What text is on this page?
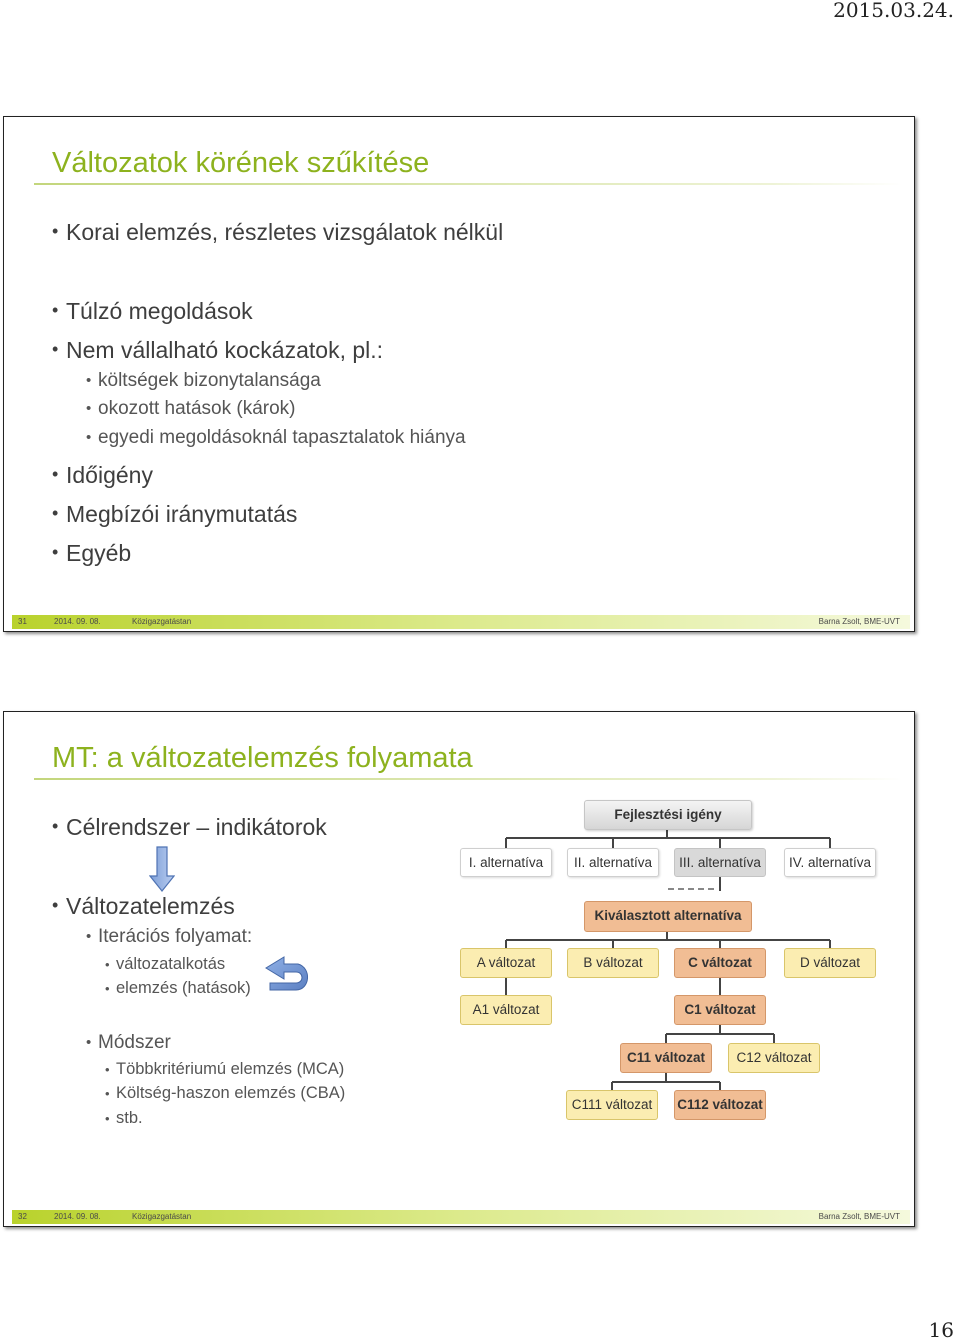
2015.03.24.
Változatok körének szűkítése
• Korai elemzés, részletes vizsgálatok nélkül
• Túlzó megoldások
• Nem vállalható kockázatok, pl.:
• költségek bizonytalansága
• okozott hatások (károk)
• egyedi megoldásoknál tapasztalatok hiánya
• Időigény
• Megbízói iránymutatás
• Egyéb
31	2014. 09. 08.	Közigazgatástan	Barna Zsolt, BME-UVT
MT: a változatelemzés folyamata
• Célrendszer – indikátorok
• Változatelemzés
• Iterációs folyamat:
• változatalkotás
• elemzés (hatások)
• Módszer
• Többkritériumú elemzés (MCA)
• Költség-haszon elemzés (CBA)
• stb.
Fejlesztési igény
I. alternatíva	II. alternatíva	III. alternatíva	IV. alternatíva
Kiválasztott alternatíva
A változat	B változat	C változat	D változat
A1 változat	C1 változat
C11 változat	C12 változat
C111 változat	C112 változat
32	2014. 09. 08.	Közigazgatástan	Barna Zsolt, BME-UVT
16
